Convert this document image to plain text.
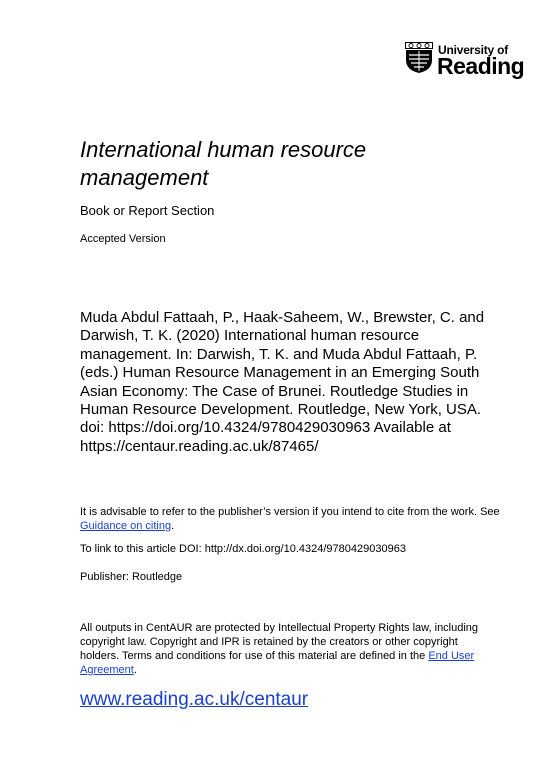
University of
Reading
International human resource management
Book or Report Section
Accepted Version

Muda Abdul Fattaah, P., Haak-Saheem, W., Brewster, C. and Darwish, T. K. (2020) International human resource management. In: Darwish, T. K. and Muda Abdul Fattaah, P. (eds.) Human Resource Management in an Emerging South Asian Economy: The Case of Brunei. Routledge Studies in Human Resource Development. Routledge, New York, USA. doi: https://doi.org/10.4324/9780429030963 Available at https://centaur.reading.ac.uk/87465/

It is advisable to refer to the publisher’s version if you intend to cite from the work. See Guidance on citing.

To link to this article DOI: http://dx.doi.org/10.4324/9780429030963
Publisher: Routledge

All outputs in CentAUR are protected by Intellectual Property Rights law, including copyright law. Copyright and IPR is retained by the creators or other copyright holders. Terms and conditions for use of this material are defined in the End User Agreement.

www.reading.ac.uk/centaur
